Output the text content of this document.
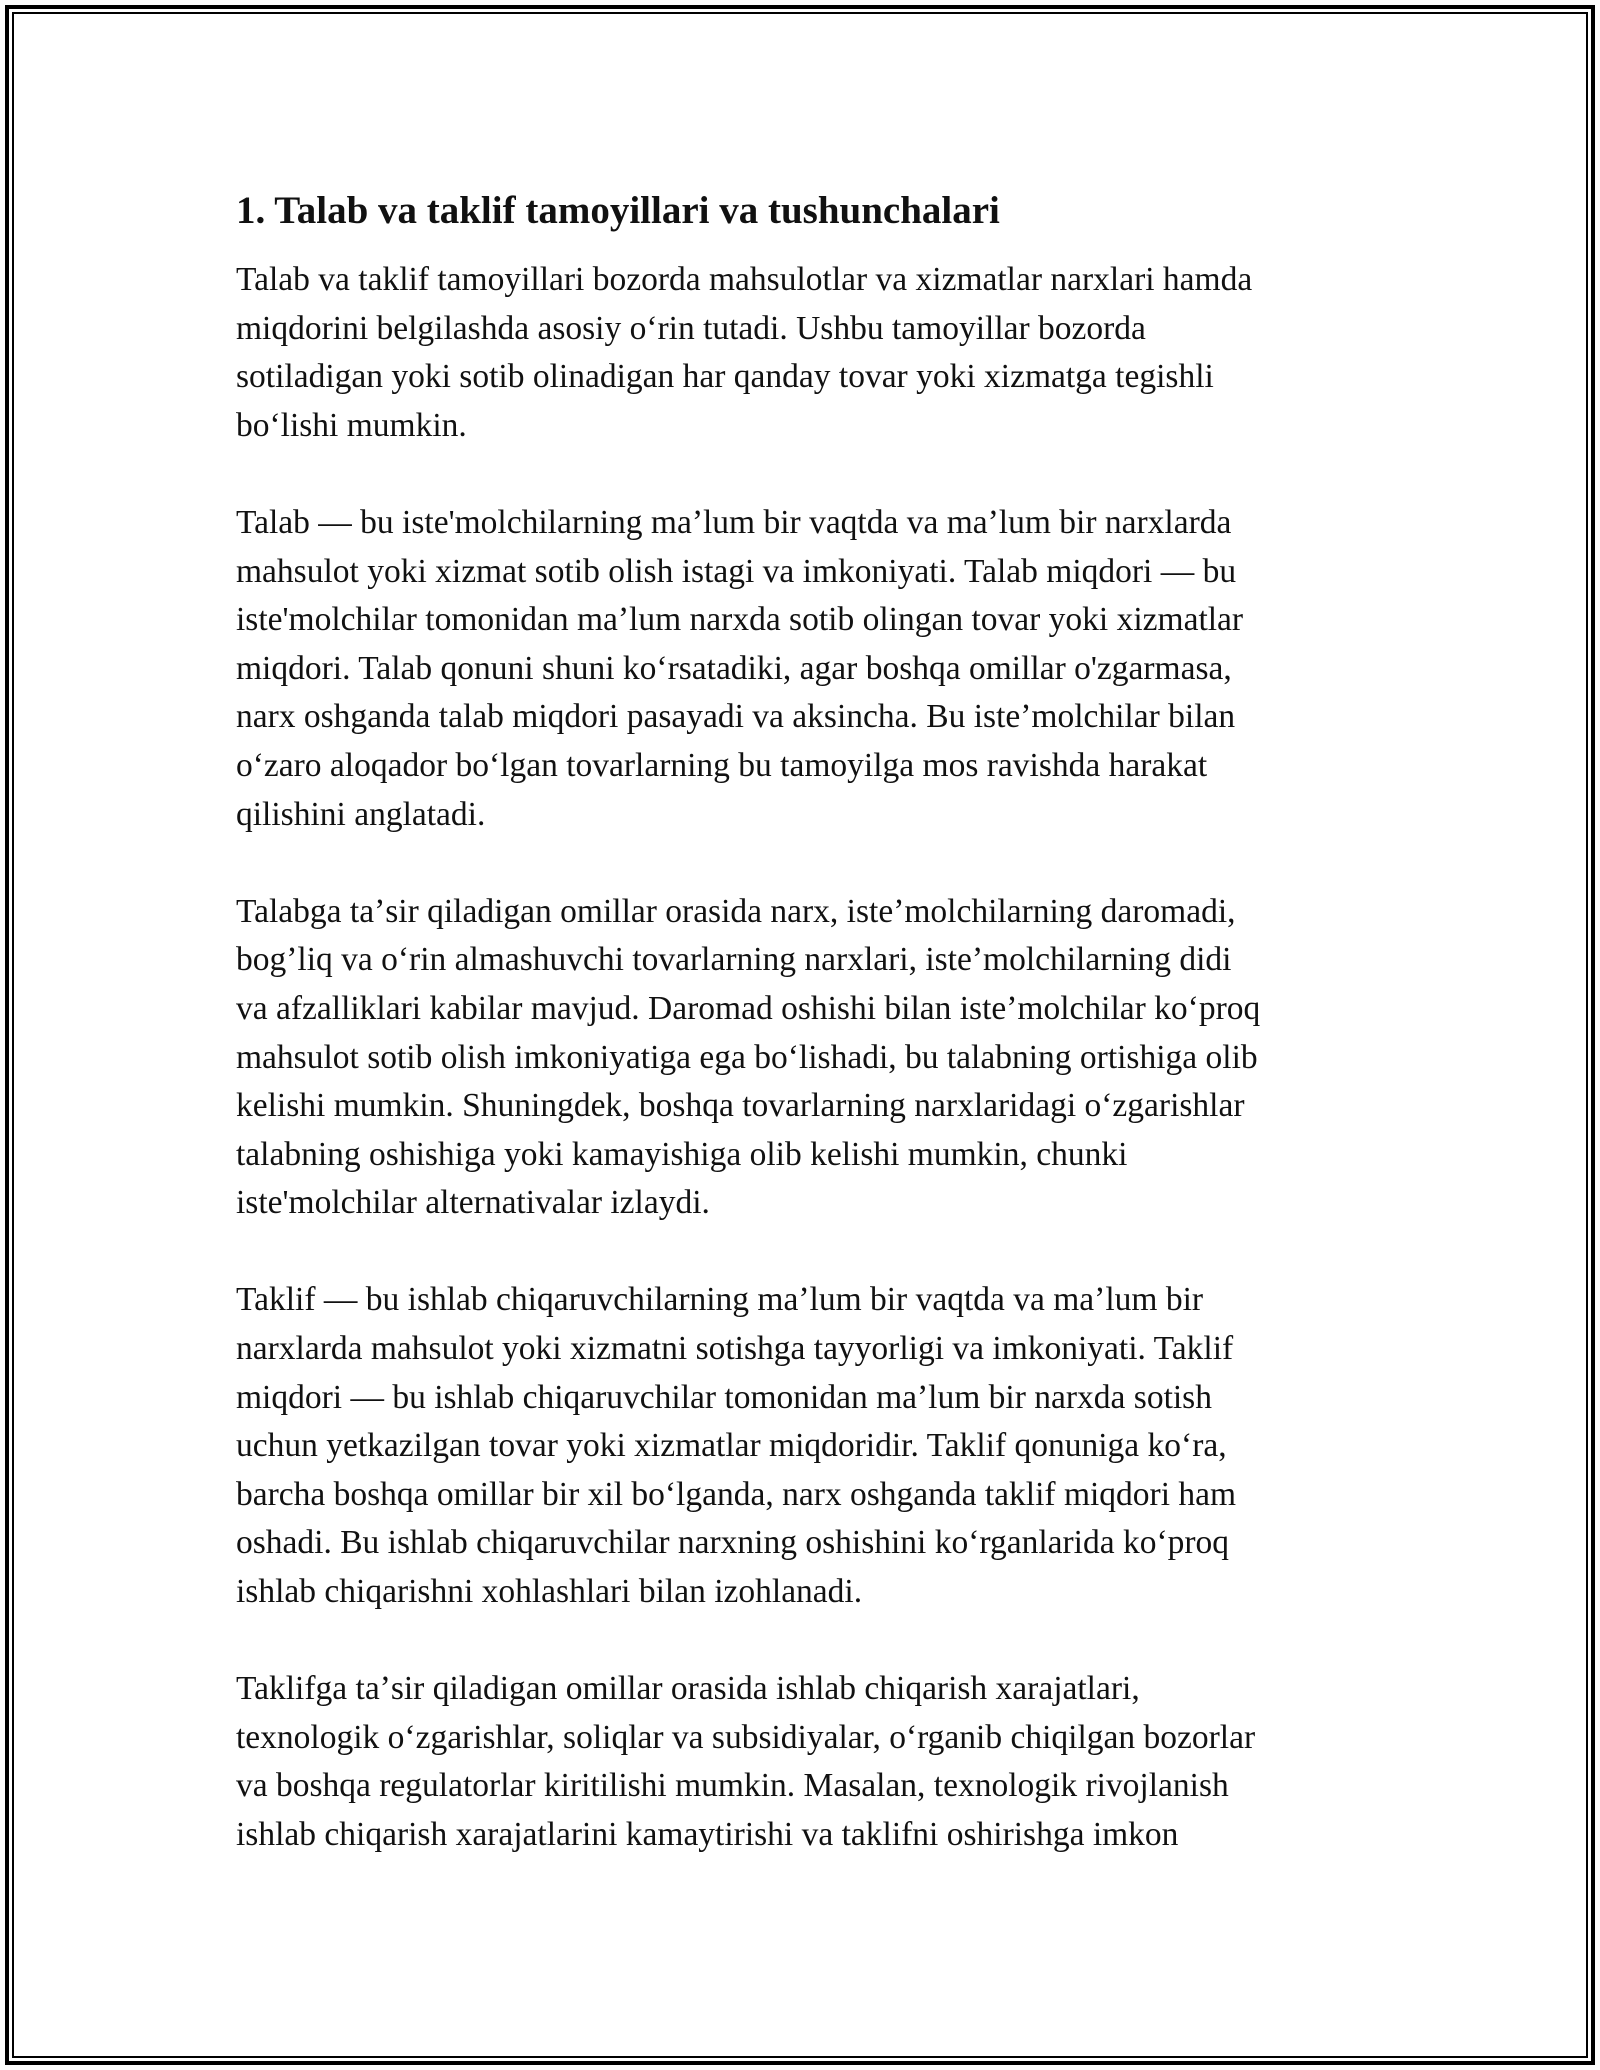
1. Talab va taklif tamoyillari va tushunchalari
Talab va taklif tamoyillari bozorda mahsulotlar va xizmatlar narxlari hamda
miqdorini belgilashda asosiy oʻrin tutadi. Ushbu tamoyillar bozorda
sotiladigan yoki sotib olinadigan har qanday tovar yoki xizmatga tegishli
boʻlishi mumkin.
Talab — bu iste'molchilarning maʼlum bir vaqtda va maʼlum bir narxlarda
mahsulot yoki xizmat sotib olish istagi va imkoniyati. Talab miqdori — bu
iste'molchilar tomonidan maʼlum narxda sotib olingan tovar yoki xizmatlar
miqdori. Talab qonuni shuni koʻrsatadiki, agar boshqa omillar o'zgarmasa,
narx oshganda talab miqdori pasayadi va aksincha. Bu isteʼmolchilar bilan
oʻzaro aloqador boʻlgan tovarlarning bu tamoyilga mos ravishda harakat
qilishini anglatadi.
Talabga taʼsir qiladigan omillar orasida narx, isteʼmolchilarning daromadi,
bogʼliq va oʻrin almashuvchi tovarlarning narxlari, isteʼmolchilarning didi
va afzalliklari kabilar mavjud. Daromad oshishi bilan isteʼmolchilar koʻproq
mahsulot sotib olish imkoniyatiga ega boʻlishadi, bu talabning ortishiga olib
kelishi mumkin. Shuningdek, boshqa tovarlarning narxlaridagi oʻzgarishlar
talabning oshishiga yoki kamayishiga olib kelishi mumkin, chunki
iste'molchilar alternativalar izlaydi.
Taklif — bu ishlab chiqaruvchilarning maʼlum bir vaqtda va maʼlum bir
narxlarda mahsulot yoki xizmatni sotishga tayyorligi va imkoniyati. Taklif
miqdori — bu ishlab chiqaruvchilar tomonidan maʼlum bir narxda sotish
uchun yetkazilgan tovar yoki xizmatlar miqdoridir. Taklif qonuniga koʻra,
barcha boshqa omillar bir xil boʻlganda, narx oshganda taklif miqdori ham
oshadi. Bu ishlab chiqaruvchilar narxning oshishini koʻrganlarida koʻproq
ishlab chiqarishni xohlashlari bilan izohlanadi.
Taklifga taʼsir qiladigan omillar orasida ishlab chiqarish xarajatlari,
texnologik oʻzgarishlar, soliqlar va subsidiyalar, oʻrganib chiqilgan bozorlar
va boshqa regulatorlar kiritilishi mumkin. Masalan, texnologik rivojlanish
ishlab chiqarish xarajatlarini kamaytirishi va taklifni oshirishga imkon
